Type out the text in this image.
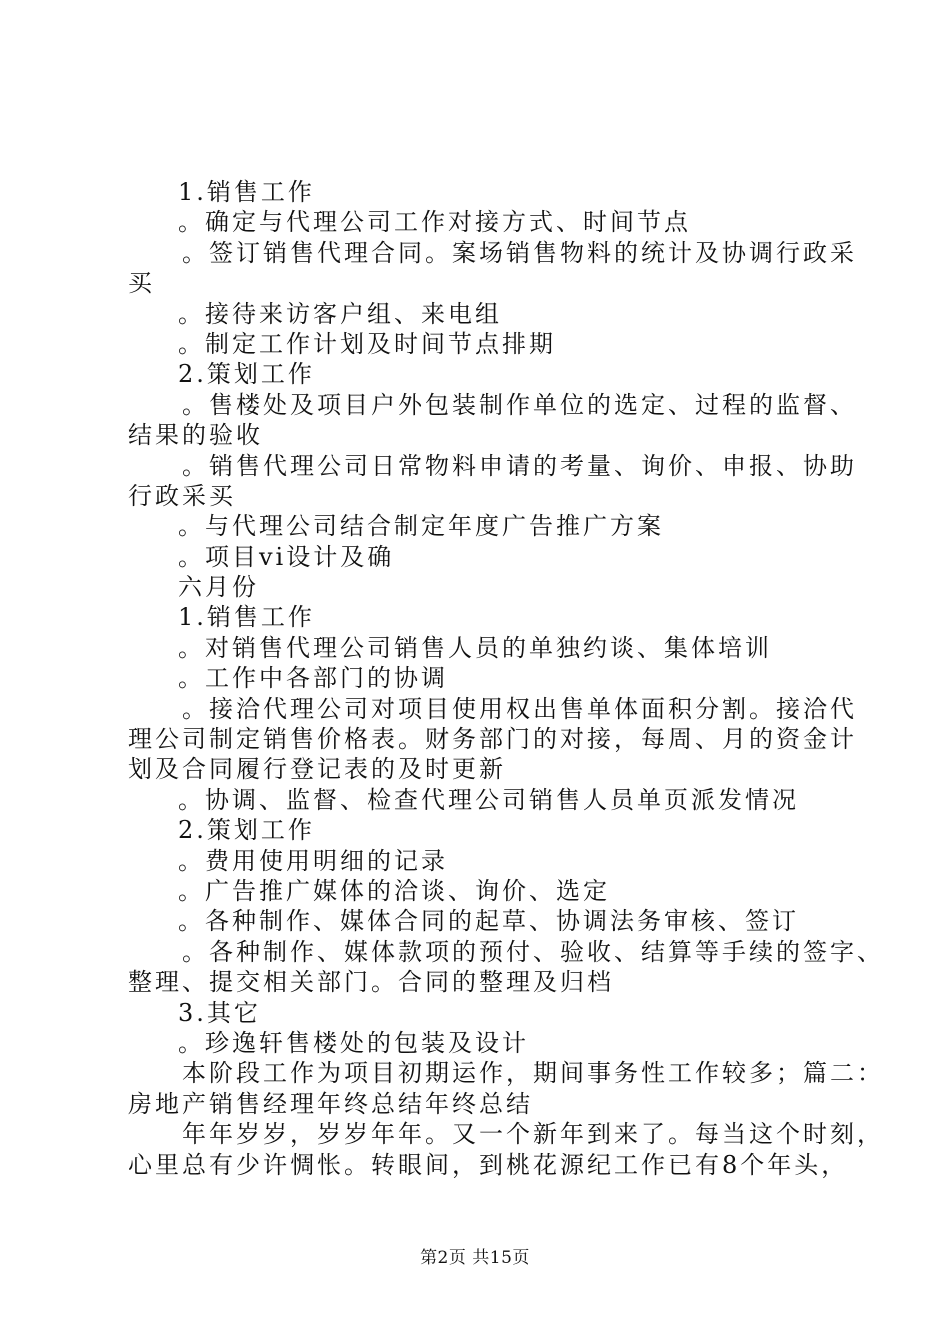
1.销售工作
。确定与代理公司工作对接方式、时间节点
。签订销售代理合同。案场销售物料的统计及协调行政采
买
。接待来访客户组、来电组
。制定工作计划及时间节点排期
2.策划工作
。售楼处及项目户外包装制作单位的选定、过程的监督、
结果的验收
。销售代理公司日常物料申请的考量、询价、申报、协助
行政采买
。与代理公司结合制定年度广告推广方案
。项目vi设计及确
六月份
1.销售工作
。对销售代理公司销售人员的单独约谈、集体培训
。工作中各部门的协调
。接洽代理公司对项目使用权出售单体面积分割。接洽代
理公司制定销售价格表。财务部门的对接，每周、月的资金计
划及合同履行登记表的及时更新
。协调、监督、检查代理公司销售人员单页派发情况
2.策划工作
。费用使用明细的记录
。广告推广媒体的洽谈、询价、选定
。各种制作、媒体合同的起草、协调法务审核、签订
。各种制作、媒体款项的预付、验收、结算等手续的签字、
整理、提交相关部门。合同的整理及归档
3.其它
。珍逸轩售楼处的包装及设计
本阶段工作为项目初期运作，期间事务性工作较多；篇二：
房地产销售经理年终总结年终总结
年年岁岁，岁岁年年。又一个新年到来了。每当这个时刻，
心里总有少许惆怅。转眼间，到桃花源纪工作已有8个年头，
第2页 共15页
